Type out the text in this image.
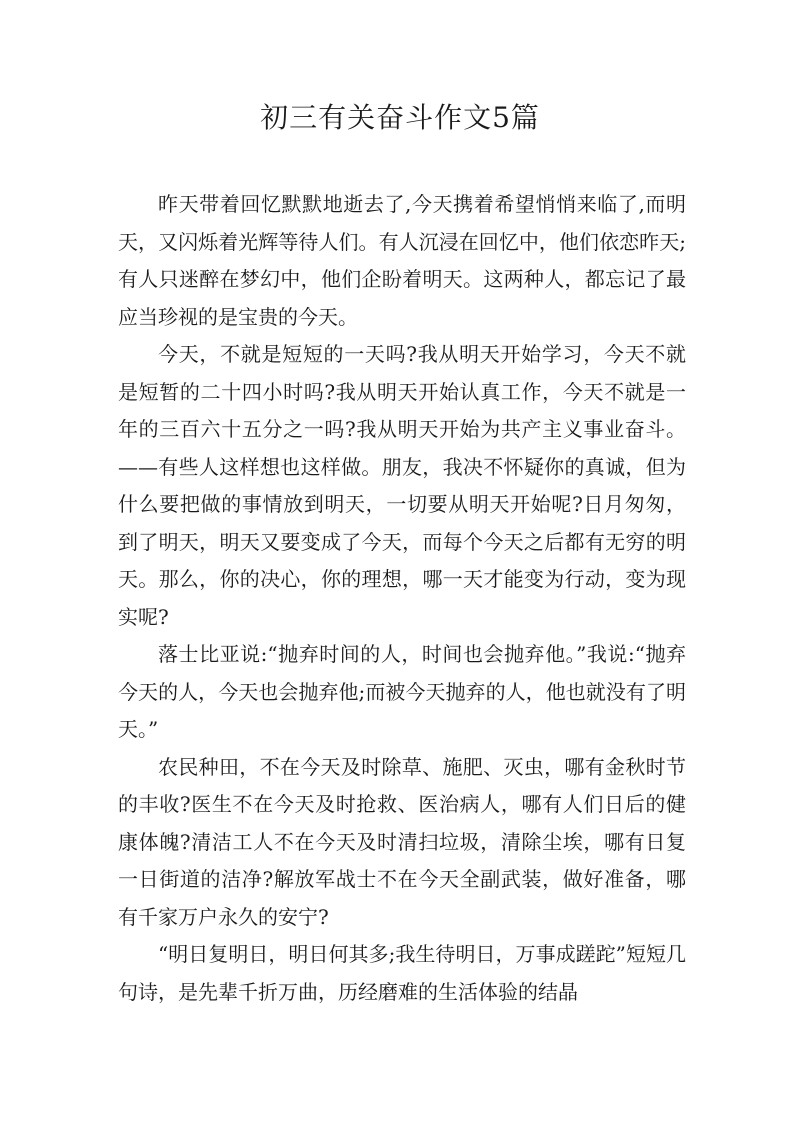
初三有关奋斗作文5篇

昨天带着回忆默默地逝去了,今天携着希望悄悄来临了,而明天，又闪烁着光辉等待人们。有人沉浸在回忆中，他们依恋昨天;有人只迷醉在梦幻中，他们企盼着明天。这两种人，都忘记了最应当珍视的是宝贵的今天。

今天，不就是短短的一天吗?我从明天开始学习，今天不就是短暂的二十四小时吗?我从明天开始认真工作，今天不就是一年的三百六十五分之一吗?我从明天开始为共产主义事业奋斗。——有些人这样想也这样做。朋友，我决不怀疑你的真诚，但为什么要把做的事情放到明天，一切要从明天开始呢?日月匆匆，到了明天，明天又要变成了今天，而每个今天之后都有无穷的明天。那么，你的决心，你的理想，哪一天才能变为行动，变为现实呢?

落士比亚说:“抛弃时间的人，时间也会抛弃他。”我说:“抛弃今天的人，今天也会抛弃他;而被今天抛弃的人，他也就没有了明天。”

农民种田，不在今天及时除草、施肥、灭虫，哪有金秋时节的丰收?医生不在今天及时抢救、医治病人，哪有人们日后的健康体魄?清洁工人不在今天及时清扫垃圾，清除尘埃，哪有日复一日街道的洁净?解放军战士不在今天全副武装，做好准备，哪有千家万户永久的安宁?

“明日复明日，明日何其多;我生待明日，万事成蹉跎”短短几句诗，是先辈千折万曲，历经磨难的生活体验的结晶
